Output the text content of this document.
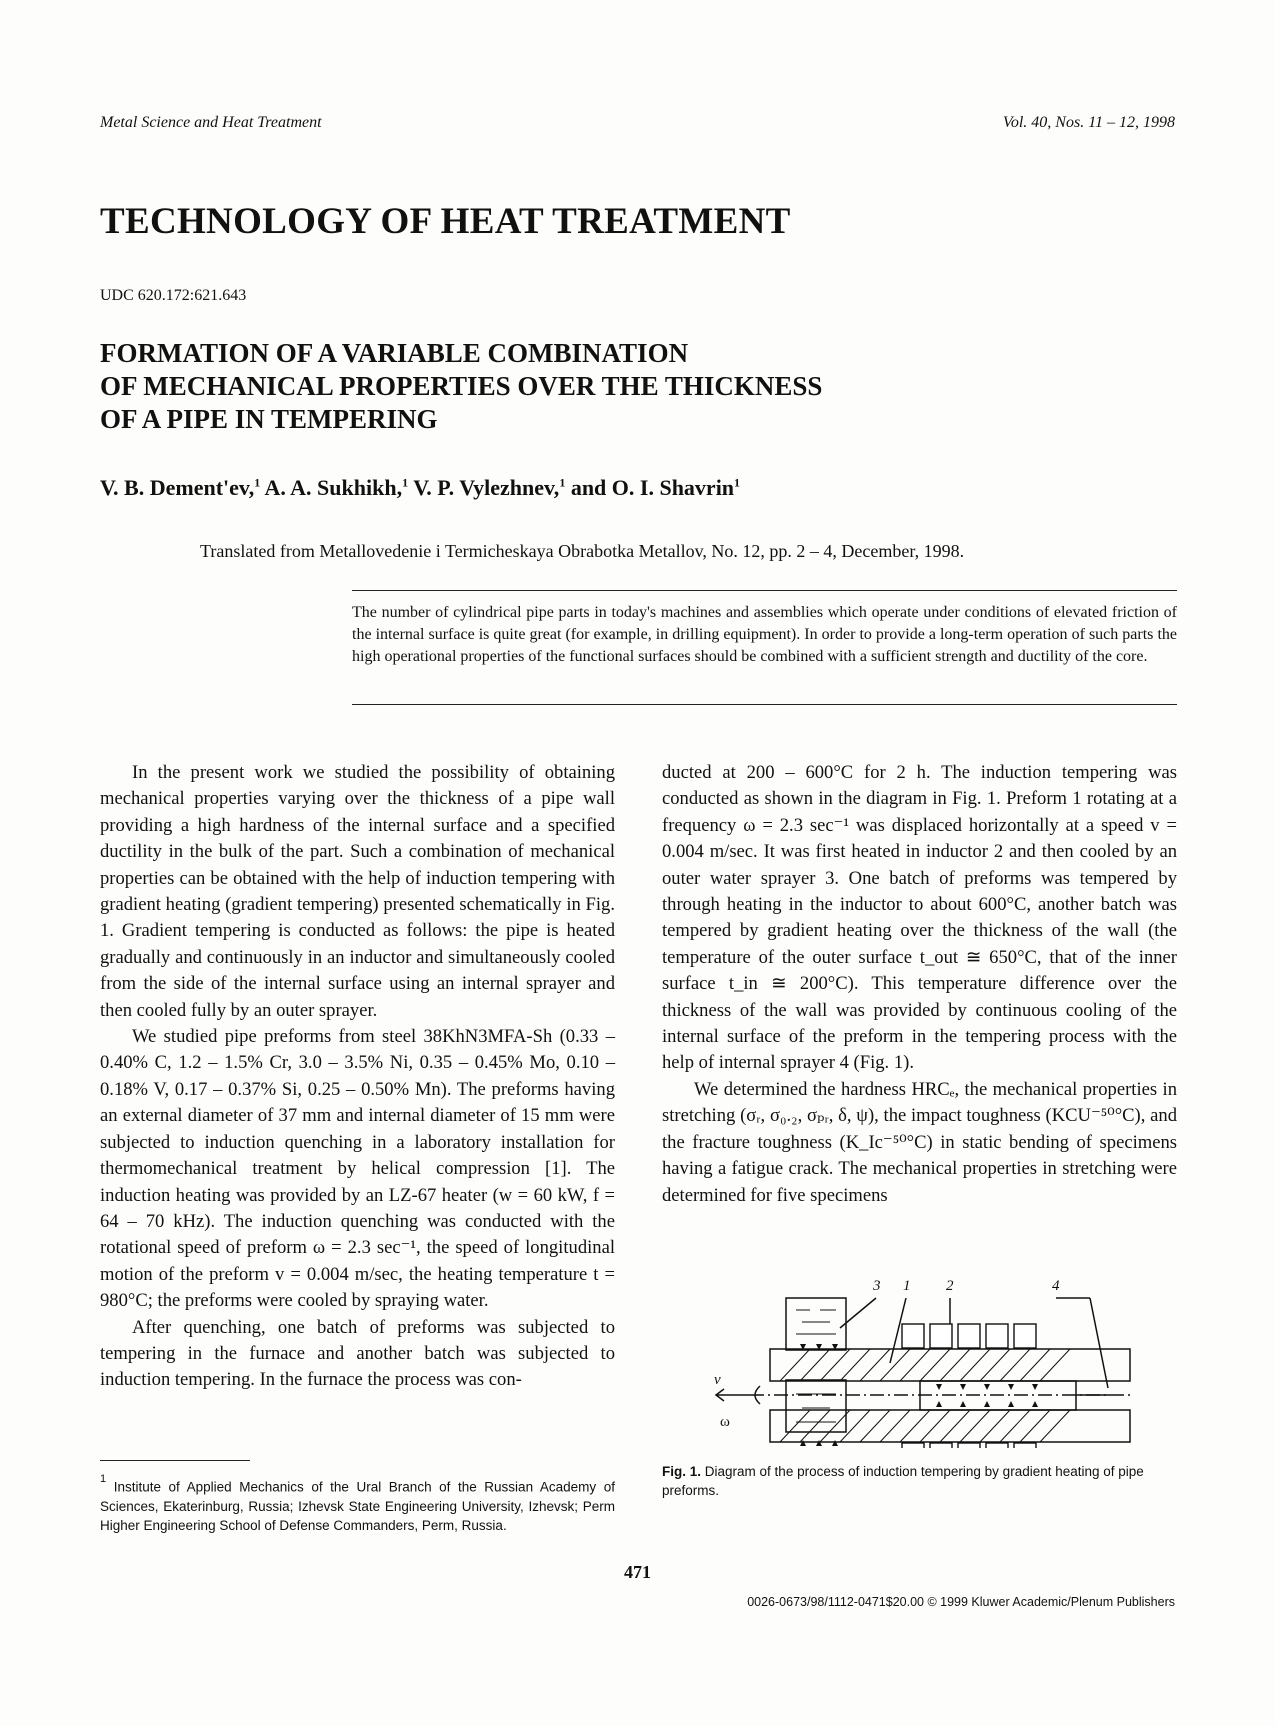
Metal Science and Heat Treatment	Vol. 40, Nos. 11 – 12, 1998
TECHNOLOGY OF HEAT TREATMENT
UDC 620.172:621.643
FORMATION OF A VARIABLE COMBINATION
OF MECHANICAL PROPERTIES OVER THE THICKNESS
OF A PIPE IN TEMPERING
V. B. Dement'ev,$^1$ A. A. Sukhikh,$^1$ V. P. Vylezhnev,$^1$ and O. I. Shavrin$^1$
Translated from Metallovedenie i Termicheskaya Obrabotka Metallov, No. 12, pp. 2 – 4, December, 1998.
The number of cylindrical pipe parts in today's machines and assemblies which operate under conditions of elevated friction of the internal surface is quite great (for example, in drilling equipment). In order to provide a long-term operation of such parts the high operational properties of the functional surfaces should be combined with a sufficient strength and ductility of the core.

In the present work we studied the possibility of obtaining mechanical properties varying over the thickness of a pipe wall providing a high hardness of the internal surface and a specified ductility in the bulk of the part. Such a combination of mechanical properties can be obtained with the help of induction tempering with gradient heating (gradient tempering) presented schematically in Fig. 1. Gradient tempering is conducted as follows: the pipe is heated gradually and continuously in an inductor and simultaneously cooled from the side of the internal surface using an internal sprayer and then cooled fully by an outer sprayer.

We studied pipe preforms from steel 38KhN3MFA-Sh (0.33 – 0.40% C, 1.2 – 1.5% Cr, 3.0 – 3.5% Ni, 0.35 – 0.45% Mo, 0.10 – 0.18% V, 0.17 – 0.37% Si, 0.25 – 0.50% Mn). The preforms having an external diameter of 37 mm and internal diameter of 15 mm were subjected to induction quenching in a laboratory installation for thermomechanical treatment by helical compression [1]. The induction heating was provided by an LZ-67 heater (w = 60 kW, f = 64 – 70 kHz). The induction quenching was conducted with the rotational speed of preform ω = 2.3 sec⁻¹, the speed of longitudinal motion of the preform v = 0.004 m/sec, the heating temperature t = 980°C; the preforms were cooled by spraying water.

After quenching, one batch of preforms was subjected to tempering in the furnace and another batch was subjected to induction tempering. In the furnace the process was con-

ducted at 200 – 600°C for 2 h. The induction tempering was conducted as shown in the diagram in Fig. 1. Preform 1 rotating at a frequency ω = 2.3 sec⁻¹ was displaced horizontally at a speed v = 0.004 m/sec. It was first heated in inductor 2 and then cooled by an outer water sprayer 3. One batch of preforms was tempered by through heating in the inductor to about 600°C, another batch was tempered by gradient heating over the thickness of the wall (the temperature of the outer surface t_out ≅ 650°C, that of the inner surface t_in ≅ 200°C). This temperature difference over the thickness of the wall was provided by continuous cooling of the internal surface of the preform in the tempering process with the help of internal sprayer 4 (Fig. 1).

We determined the hardness HRCₑ, the mechanical properties in stretching (σᵣ, σ₀.₂, σₚᵣ, δ, ψ), the impact toughness (KCU⁻⁵⁰°C), and the fracture toughness (K_Ic⁻⁵⁰°C) in static bending of specimens having a fatigue crack. The mechanical properties in stretching were determined for five specimens

3 1 2	4
v
ω
Fig. 1. Diagram of the process of induction tempering by gradient heating of pipe preforms.
$^1$ Institute of Applied Mechanics of the Ural Branch of the Russian Academy of Sciences, Ekaterinburg, Russia; Izhevsk State Engineering University, Izhevsk; Perm Higher Engineering School of Defense Commanders, Perm, Russia.
471
0026-0673/98/1112-0471$20.00 © 1999 Kluwer Academic/Plenum Publishers
